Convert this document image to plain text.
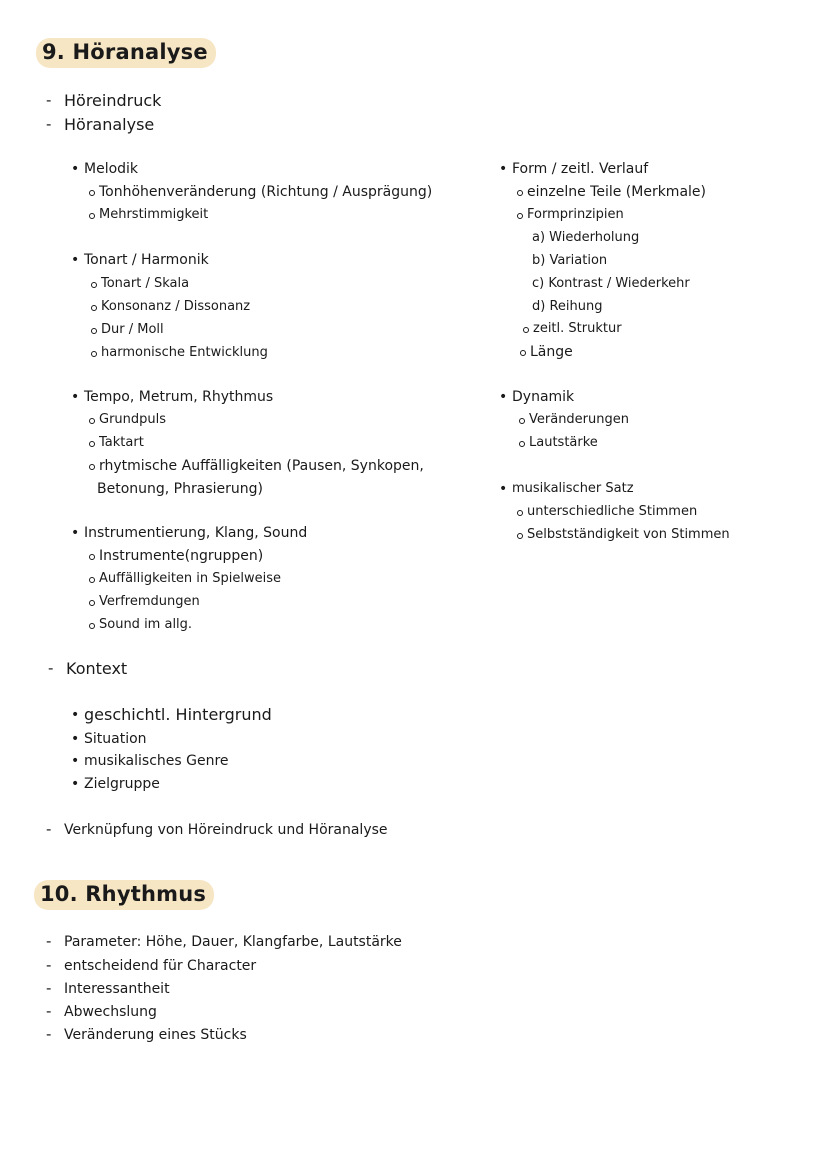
9. Höranalyse
- Höreindruck
- Höranalyse
• Melodik
Tonhöhenveränderung (Richtung / Ausprägung)
Mehrstimmigkeit
• Tonart / Harmonik
Tonart / Skala
Konsonanz / Dissonanz
Dur / Moll
harmonische Entwicklung
• Tempo, Metrum, Rhythmus
Grundpuls
Taktart
rhytmische Auffälligkeiten (Pausen, Synkopen,
Betonung, Phrasierung)
• Instrumentierung, Klang, Sound
Instrumente(ngruppen)
Auffälligkeiten in Spielweise
Verfremdungen
Sound im allg.
• Form / zeitl. Verlauf
einzelne Teile (Merkmale)
Formprinzipien
a) Wiederholung
b) Variation
c) Kontrast / Wiederkehr
d) Reihung
zeitl. Struktur
Länge
• Dynamik
Veränderungen
Lautstärke
• musikalischer Satz
unterschiedliche Stimmen
Selbstständigkeit von Stimmen
- Kontext
• geschichtl. Hintergrund
• Situation
• musikalisches Genre
• Zielgruppe
- Verknüpfung von Höreindruck und Höranalyse
10. Rhythmus
- Parameter: Höhe, Dauer, Klangfarbe, Lautstärke
- entscheidend für Character
- Interessantheit
- Abwechslung
- Veränderung eines Stücks
